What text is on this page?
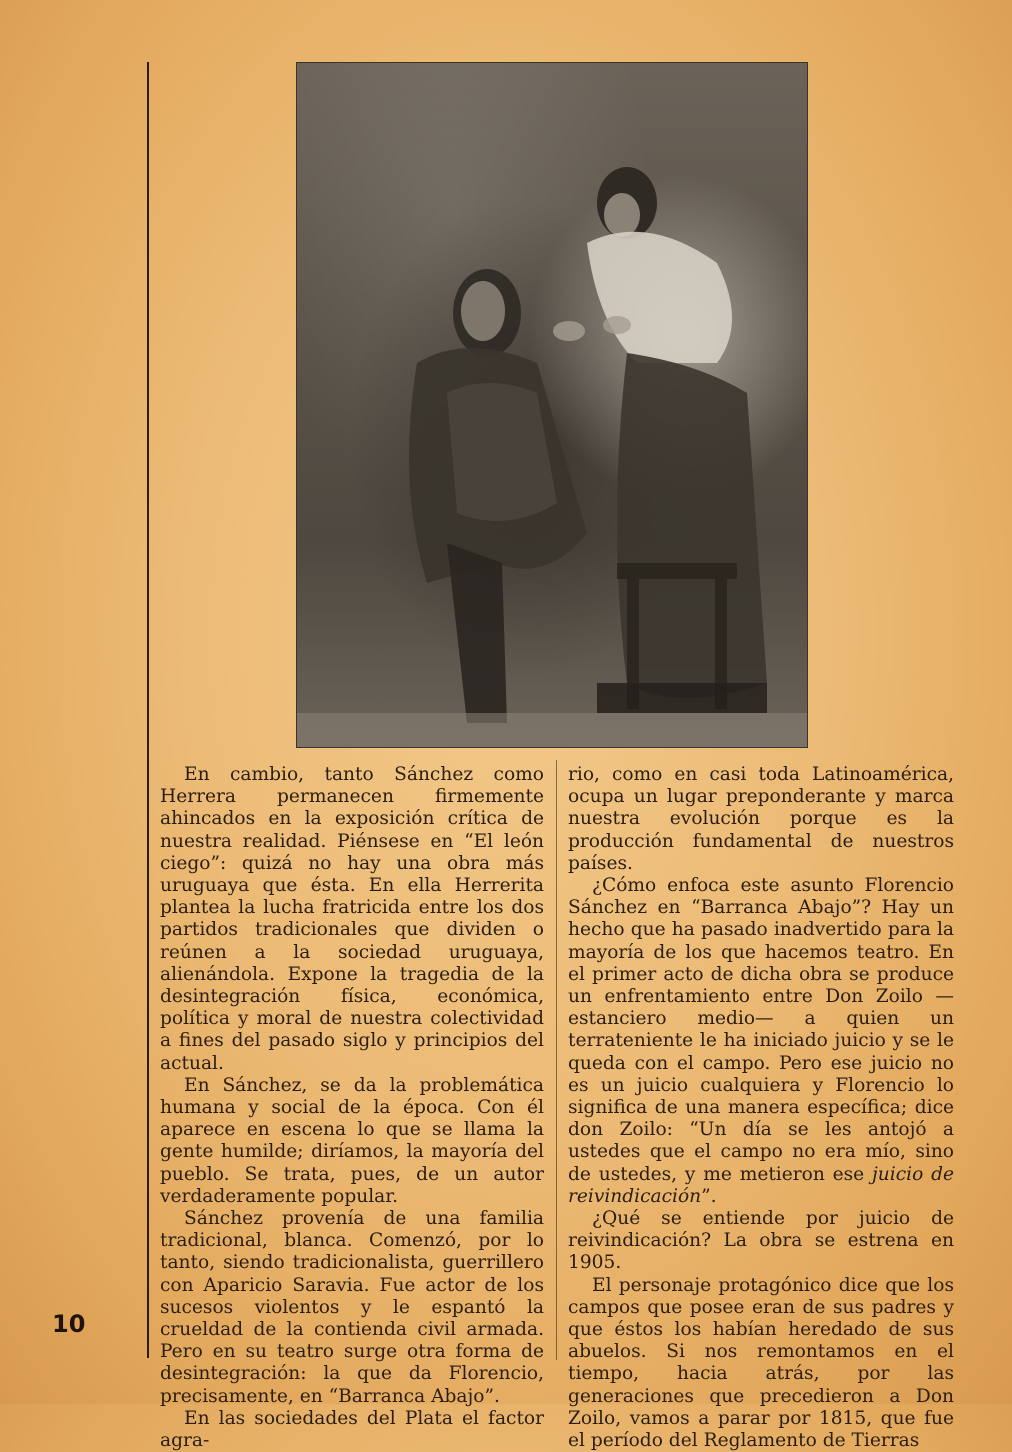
En cambio, tanto Sánchez como Herrera permanecen firmemente ahincados en la exposición crítica de nuestra realidad. Piénsese en “El león ciego”: quizá no hay una obra más uruguaya que ésta. En ella Herrerita plantea la lucha fratricida entre los dos partidos tradicionales que dividen o reúnen a la sociedad uruguaya, alienándola. Expone la tragedia de la desintegración física, económica, política y moral de nuestra colectividad a fines del pasado siglo y principios del actual.

En Sánchez, se da la problemática humana y social de la época. Con él aparece en escena lo que se llama la gente humilde; diríamos, la mayoría del pueblo. Se trata, pues, de un autor verdaderamente popular.

Sánchez provenía de una familia tradicional, blanca. Comenzó, por lo tanto, siendo tradicionalista, guerrillero con Aparicio Saravia. Fue actor de los sucesos violentos y le espantó la crueldad de la contienda civil armada. Pero en su teatro surge otra forma de desintegración: la que da Florencio, precisamente, en “Barranca Abajo”.

En las sociedades del Plata el factor agra-

rio, como en casi toda Latinoamérica, ocupa un lugar preponderante y marca nuestra evolución porque es la producción fundamental de nuestros países.

¿Cómo enfoca este asunto Florencio Sánchez en “Barranca Abajo”? Hay un hecho que ha pasado inadvertido para la mayoría de los que hacemos teatro. En el primer acto de dicha obra se produce un enfrentamiento entre Don Zoilo —estanciero medio— a quien un terrateniente le ha iniciado juicio y se le queda con el campo. Pero ese juicio no es un juicio cualquiera y Florencio lo significa de una manera específica; dice don Zoilo: “Un día se les antojó a ustedes que el campo no era mío, sino de ustedes, y me metieron ese juicio de reivindicación”.

¿Qué se entiende por juicio de reivindicación? La obra se estrena en 1905.

El personaje protagónico dice que los campos que posee eran de sus padres y que éstos los habían heredado de sus abuelos. Si nos remontamos en el tiempo, hacia atrás, por las generaciones que precedieron a Don Zoilo, vamos a parar por 1815, que fue el período del Reglamento de Tierras

10
